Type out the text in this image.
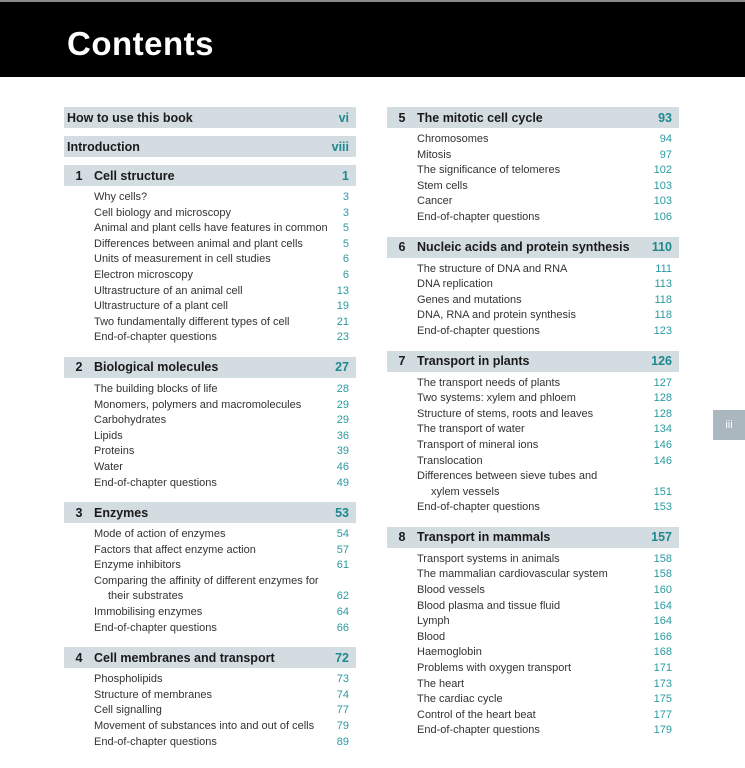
Contents
How to use this book	vi
Introduction	viii
1 Cell structure	1
Why cells?	3
Cell biology and microscopy	3
Animal and plant cells have features in common	5
Differences between animal and plant cells	5
Units of measurement in cell studies	6
Electron microscopy	6
Ultrastructure of an animal cell	13
Ultrastructure of a plant cell	19
Two fundamentally different types of cell	21
End-of-chapter questions	23
2 Biological molecules	27
The building blocks of life	28
Monomers, polymers and macromolecules	29
Carbohydrates	29
Lipids	36
Proteins	39
Water	46
End-of-chapter questions	49
3 Enzymes	53
Mode of action of enzymes	54
Factors that affect enzyme action	57
Enzyme inhibitors	61
Comparing the affinity of different enzymes for
their substrates	62
Immobilising enzymes	64
End-of-chapter questions	66
4 Cell membranes and transport	72
Phospholipids	73
Structure of membranes	74
Cell signalling	77
Movement of substances into and out of cells	79
End-of-chapter questions	89
5 The mitotic cell cycle	93
Chromosomes	94
Mitosis	97
The significance of telomeres	102
Stem cells	103
Cancer	103
End-of-chapter questions	106
6 Nucleic acids and protein synthesis	110
The structure of DNA and RNA	111
DNA replication	113
Genes and mutations	118
DNA, RNA and protein synthesis	118
End-of-chapter questions	123
7 Transport in plants	126
The transport needs of plants	127
Two systems: xylem and phloem	128
Structure of stems, roots and leaves	128
The transport of water	134
Transport of mineral ions	146
Translocation	146
Differences between sieve tubes and
xylem vessels	151
End-of-chapter questions	153
8 Transport in mammals	157
Transport systems in animals	158
The mammalian cardiovascular system	158
Blood vessels	160
Blood plasma and tissue fluid	164
Lymph	164
Blood	166
Haemoglobin	168
Problems with oxygen transport	171
The heart	173
The cardiac cycle	175
Control of the heart beat	177
End-of-chapter questions	179
iii
